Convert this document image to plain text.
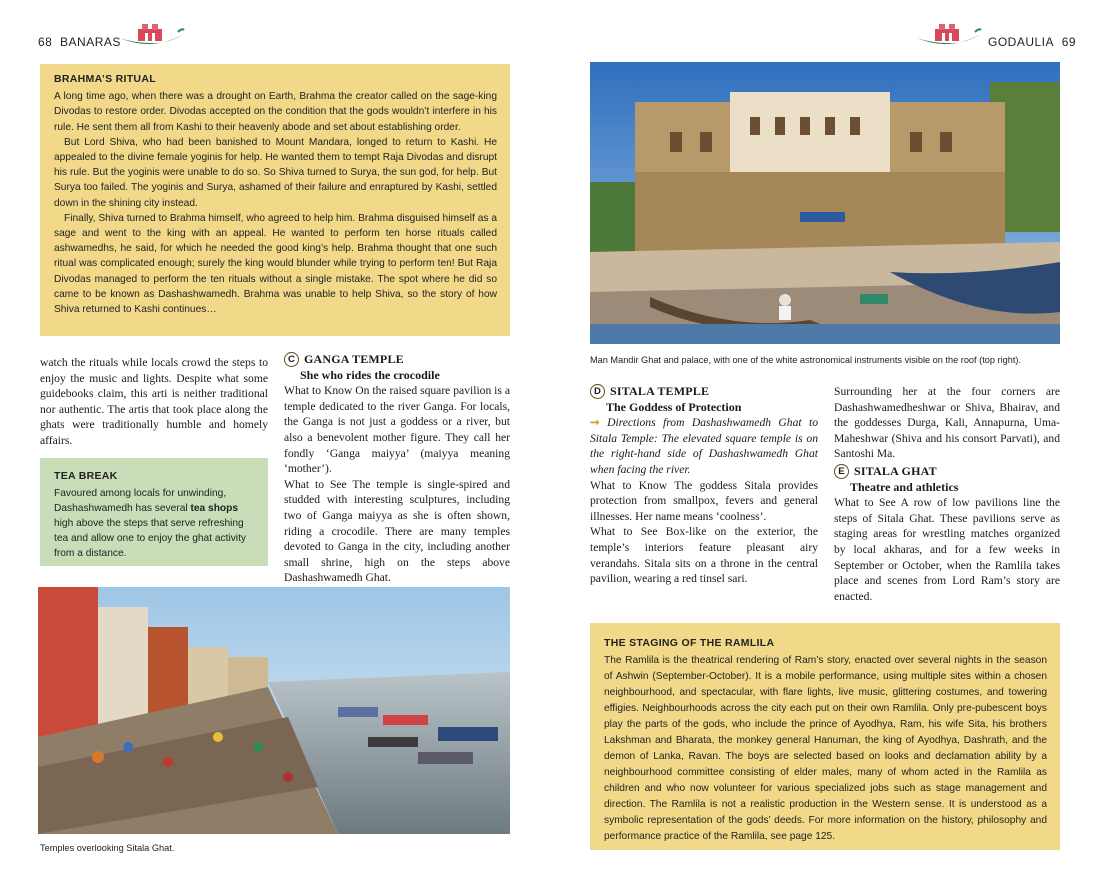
68 BANARAS	GODAULIA 69
BRAHMA’S RITUAL

A long time ago, when there was a drought on Earth, Brahma the creator called on the sage-king Divodas to restore order. Divodas accepted on the condition that the gods wouldn’t interfere in his rule. He sent them all from Kashi to their heavenly abode and set about establishing order.

But Lord Shiva, who had been banished to Mount Mandara, longed to return to Kashi. He appealed to the divine female yoginis for help. He wanted them to tempt Raja Divodas and disrupt his rule. But the yoginis were unable to do so. So Shiva turned to Surya, the sun god, for help. But Surya too failed. The yoginis and Surya, ashamed of their failure and enraptured by Kashi, settled down in the shining city instead.

Finally, Shiva turned to Brahma himself, who agreed to help him. Brahma disguised himself as a sage and went to the king with an appeal. He wanted to perform ten horse rituals called ashwamedhs, he said, for which he needed the good king’s help. Brahma thought that one such ritual was complicated enough; surely the king would blunder while trying to perform ten! But Raja Divodas managed to perform the ten rituals without a single mistake. The spot where he did so came to be known as Dashashwamedh. Brahma was unable to help Shiva, so the story of how Shiva returned to Kashi continues…

watch the rituals while locals crowd the steps to enjoy the music and lights. Despite what some guidebooks claim, this arti is neither traditional nor authentic. The artis that took place along the ghats were traditionally humble and homely affairs.

TEA BREAK

Favoured among locals for unwinding, Dashashwamedh has several tea shops high above the steps that serve refreshing tea and allow one to enjoy the ghat activity from a distance.

C GANGA TEMPLE
She who rides the crocodile

What to Know On the raised square pavilion is a temple dedicated to the river Ganga. For locals, the Ganga is not just a goddess or a river, but also a benevolent mother figure. They call her fondly ‘Ganga maiyya’ (maiyya meaning ‘mother’).

What to See The temple is single-spired and studded with interesting sculptures, including two of Ganga maiyya as she is often shown, riding a crocodile. There are many temples devoted to Ganga in the city, including another small shrine, high on the steps above Dashashwamedh Ghat.

Temples overlooking Sitala Ghat.
Man Mandir Ghat and palace, with one of the white astronomical instruments visible on the roof (top right).
D SITALA TEMPLE
The Goddess of Protection

➞ Directions from Dashashwamedh Ghat to Sitala Temple: The elevated square temple is on the right-hand side of Dashashwamedh Ghat when facing the river.

What to Know The goddess Sitala provides protection from smallpox, fevers and general illnesses. Her name means ‘coolness’.

What to See Box-like on the exterior, the temple’s interiors feature pleasant airy verandahs. Sitala sits on a throne in the central pavilion, wearing a red tinsel sari.

Surrounding her at the four corners are Dashashwamedheshwar or Shiva, Bhairav, and the goddesses Durga, Kali, Annapurna, Uma-Maheshwar (Shiva and his consort Parvati), and Santoshi Ma.

E SITALA GHAT
Theatre and athletics

What to See A row of low pavilions line the steps of Sitala Ghat. These pavilions serve as staging areas for wrestling matches organized by local akharas, and for a few weeks in September or October, when the Ramlila takes place and scenes from Lord Ram’s story are enacted.

THE STAGING OF THE RAMLILA

The Ramlila is the theatrical rendering of Ram’s story, enacted over several nights in the season of Ashwin (September-October). It is a mobile performance, using multiple sites within a chosen neighbourhood, and spectacular, with flare lights, live music, glittering costumes, and towering effigies. Neighbourhoods across the city each put on their own Ramlila. Only pre-pubescent boys play the parts of the gods, who include the prince of Ayodhya, Ram, his wife Sita, his brothers Lakshman and Bharata, the monkey general Hanuman, the king of Ayodhya, Dashrath, and the demon of Lanka, Ravan. The boys are selected based on looks and declamation ability by a neighbourhood committee consisting of elder males, many of whom acted in the Ramlila as children and who now volunteer for various specialized jobs such as stage management and direction. The Ramlila is not a realistic production in the Western sense. It is understood as a symbolic representation of the gods’ deeds. For more information on the history, philosophy and performance practice of the Ramlila, see page 125.
